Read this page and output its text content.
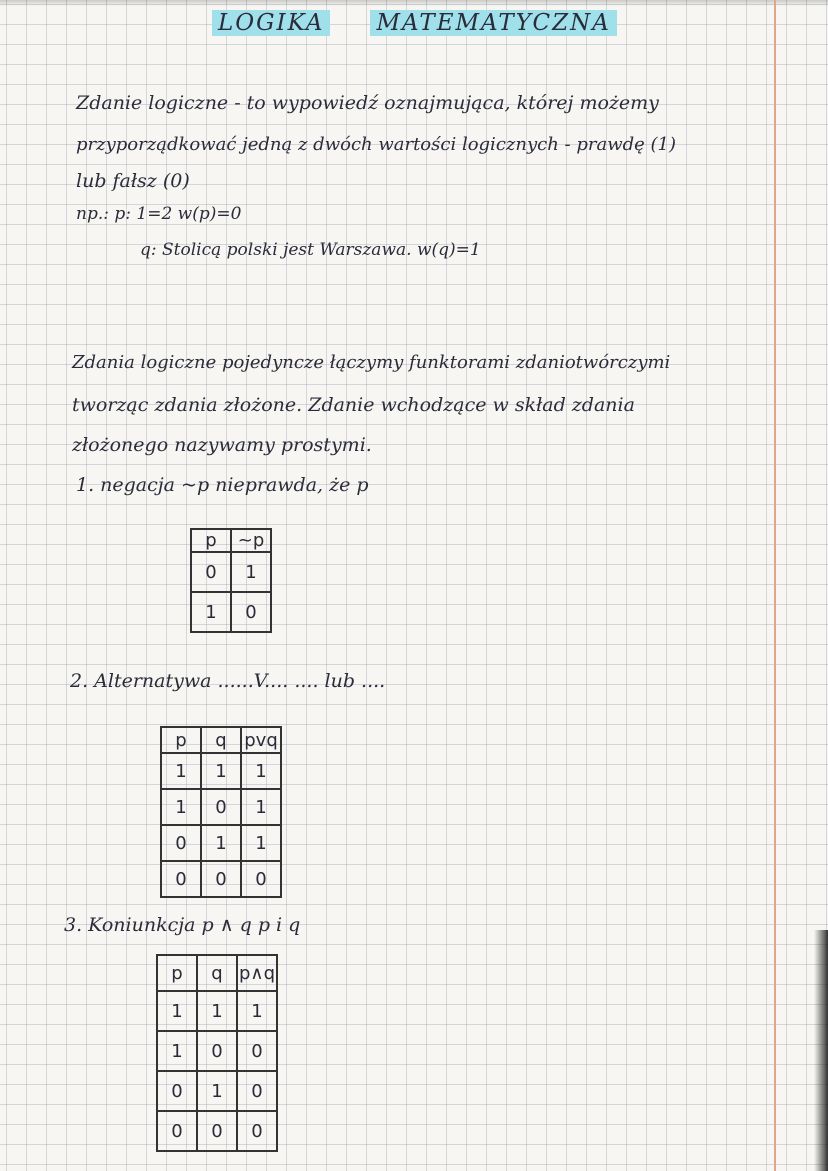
LOGIKA MATEMATYCZNA
Zdanie logiczne - to wypowiedź oznajmująca, której możemy
przyporządkować jedną z dwóch wartości logicznych - prawdę (1)
lub fałsz (0)
np.: p: 1=2 w(p)=0
q: Stolicą polski jest Warszawa. w(q)=1
Zdania logiczne pojedyncze łączymy funktorami zdaniotwórczymi
tworząc zdania złożone. Zdanie wchodzące w skład zdania
złożonego nazywamy prostymi.
1. negacja ~p nieprawda, że p
p	~p
0	1
1	0
2. Alternatywa ......V.... .... lub ....
p	q	pvq
1	1	1
1	0	1
0	1	1
0	0	0
3. Koniunkcja p ∧ q p i q
p	q	p∧q
1	1	1
1	0	0
0	1	0
0	0	0
